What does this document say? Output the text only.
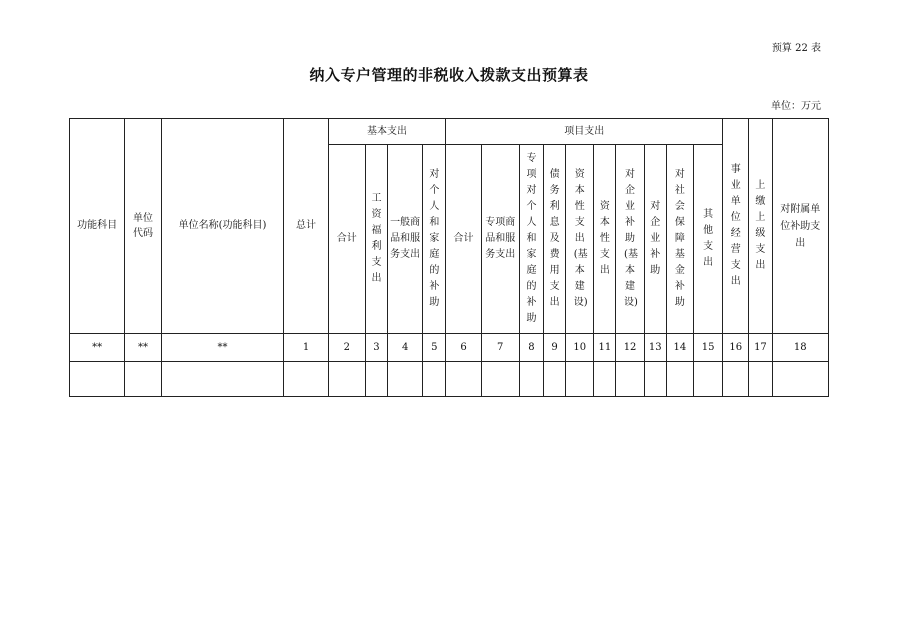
预算 22 表
纳入专户管理的非税收入拨款支出预算表
单位：万元
功能科目	单位代码	单位名称(功能科目)	总计	基本支出				项目支出										事业单位经营支出	上缴上级支出	对附属单位补助支出
				合计	工资福利支出	一般商品和服务支出	对个人和家庭的补助	合计	专项商品和服务支出	专项对个人和家庭的补助	债务利息及费用支出	资本性支出(基本建设)	资本性支出	对企业补助(基本建设)	对企业补助	对社会保障基金补助	其他支出			
**	**	**	1	2	3	4	5	6	7	8	9	10	11	12	13	14	15	16	17	18
